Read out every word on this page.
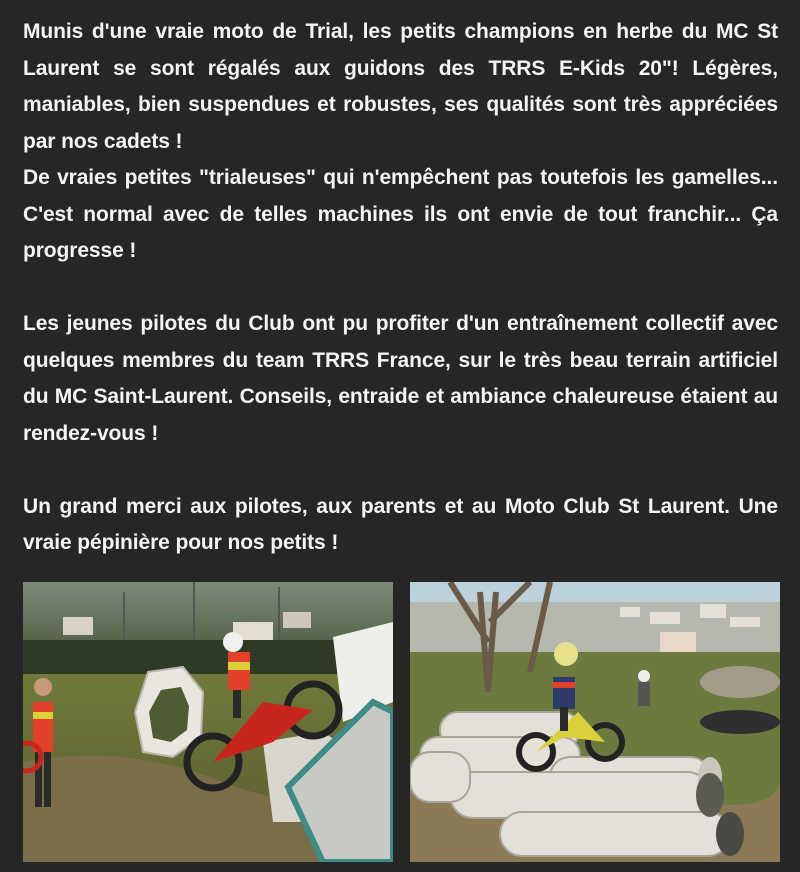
Munis d'une vraie moto de Trial, les petits champions en herbe du MC St Laurent se sont régalés aux guidons des TRRS E-Kids 20"! Légères, maniables, bien suspendues et robustes, ses qualités sont très appréciées par nos cadets !
De vraies petites "trialeuses" qui n'empêchent pas toutefois les gamelles... C'est normal avec de telles machines ils ont envie de tout franchir... Ça progresse !

Les jeunes pilotes du Club ont pu profiter d'un entraînement collectif avec quelques membres du team TRRS France, sur le très beau terrain artificiel du MC Saint-Laurent. Conseils, entraide et ambiance chaleureuse étaient au rendez-vous !

Un grand merci aux pilotes, aux parents et au Moto Club St Laurent. Une vraie pépinière pour nos petits !
